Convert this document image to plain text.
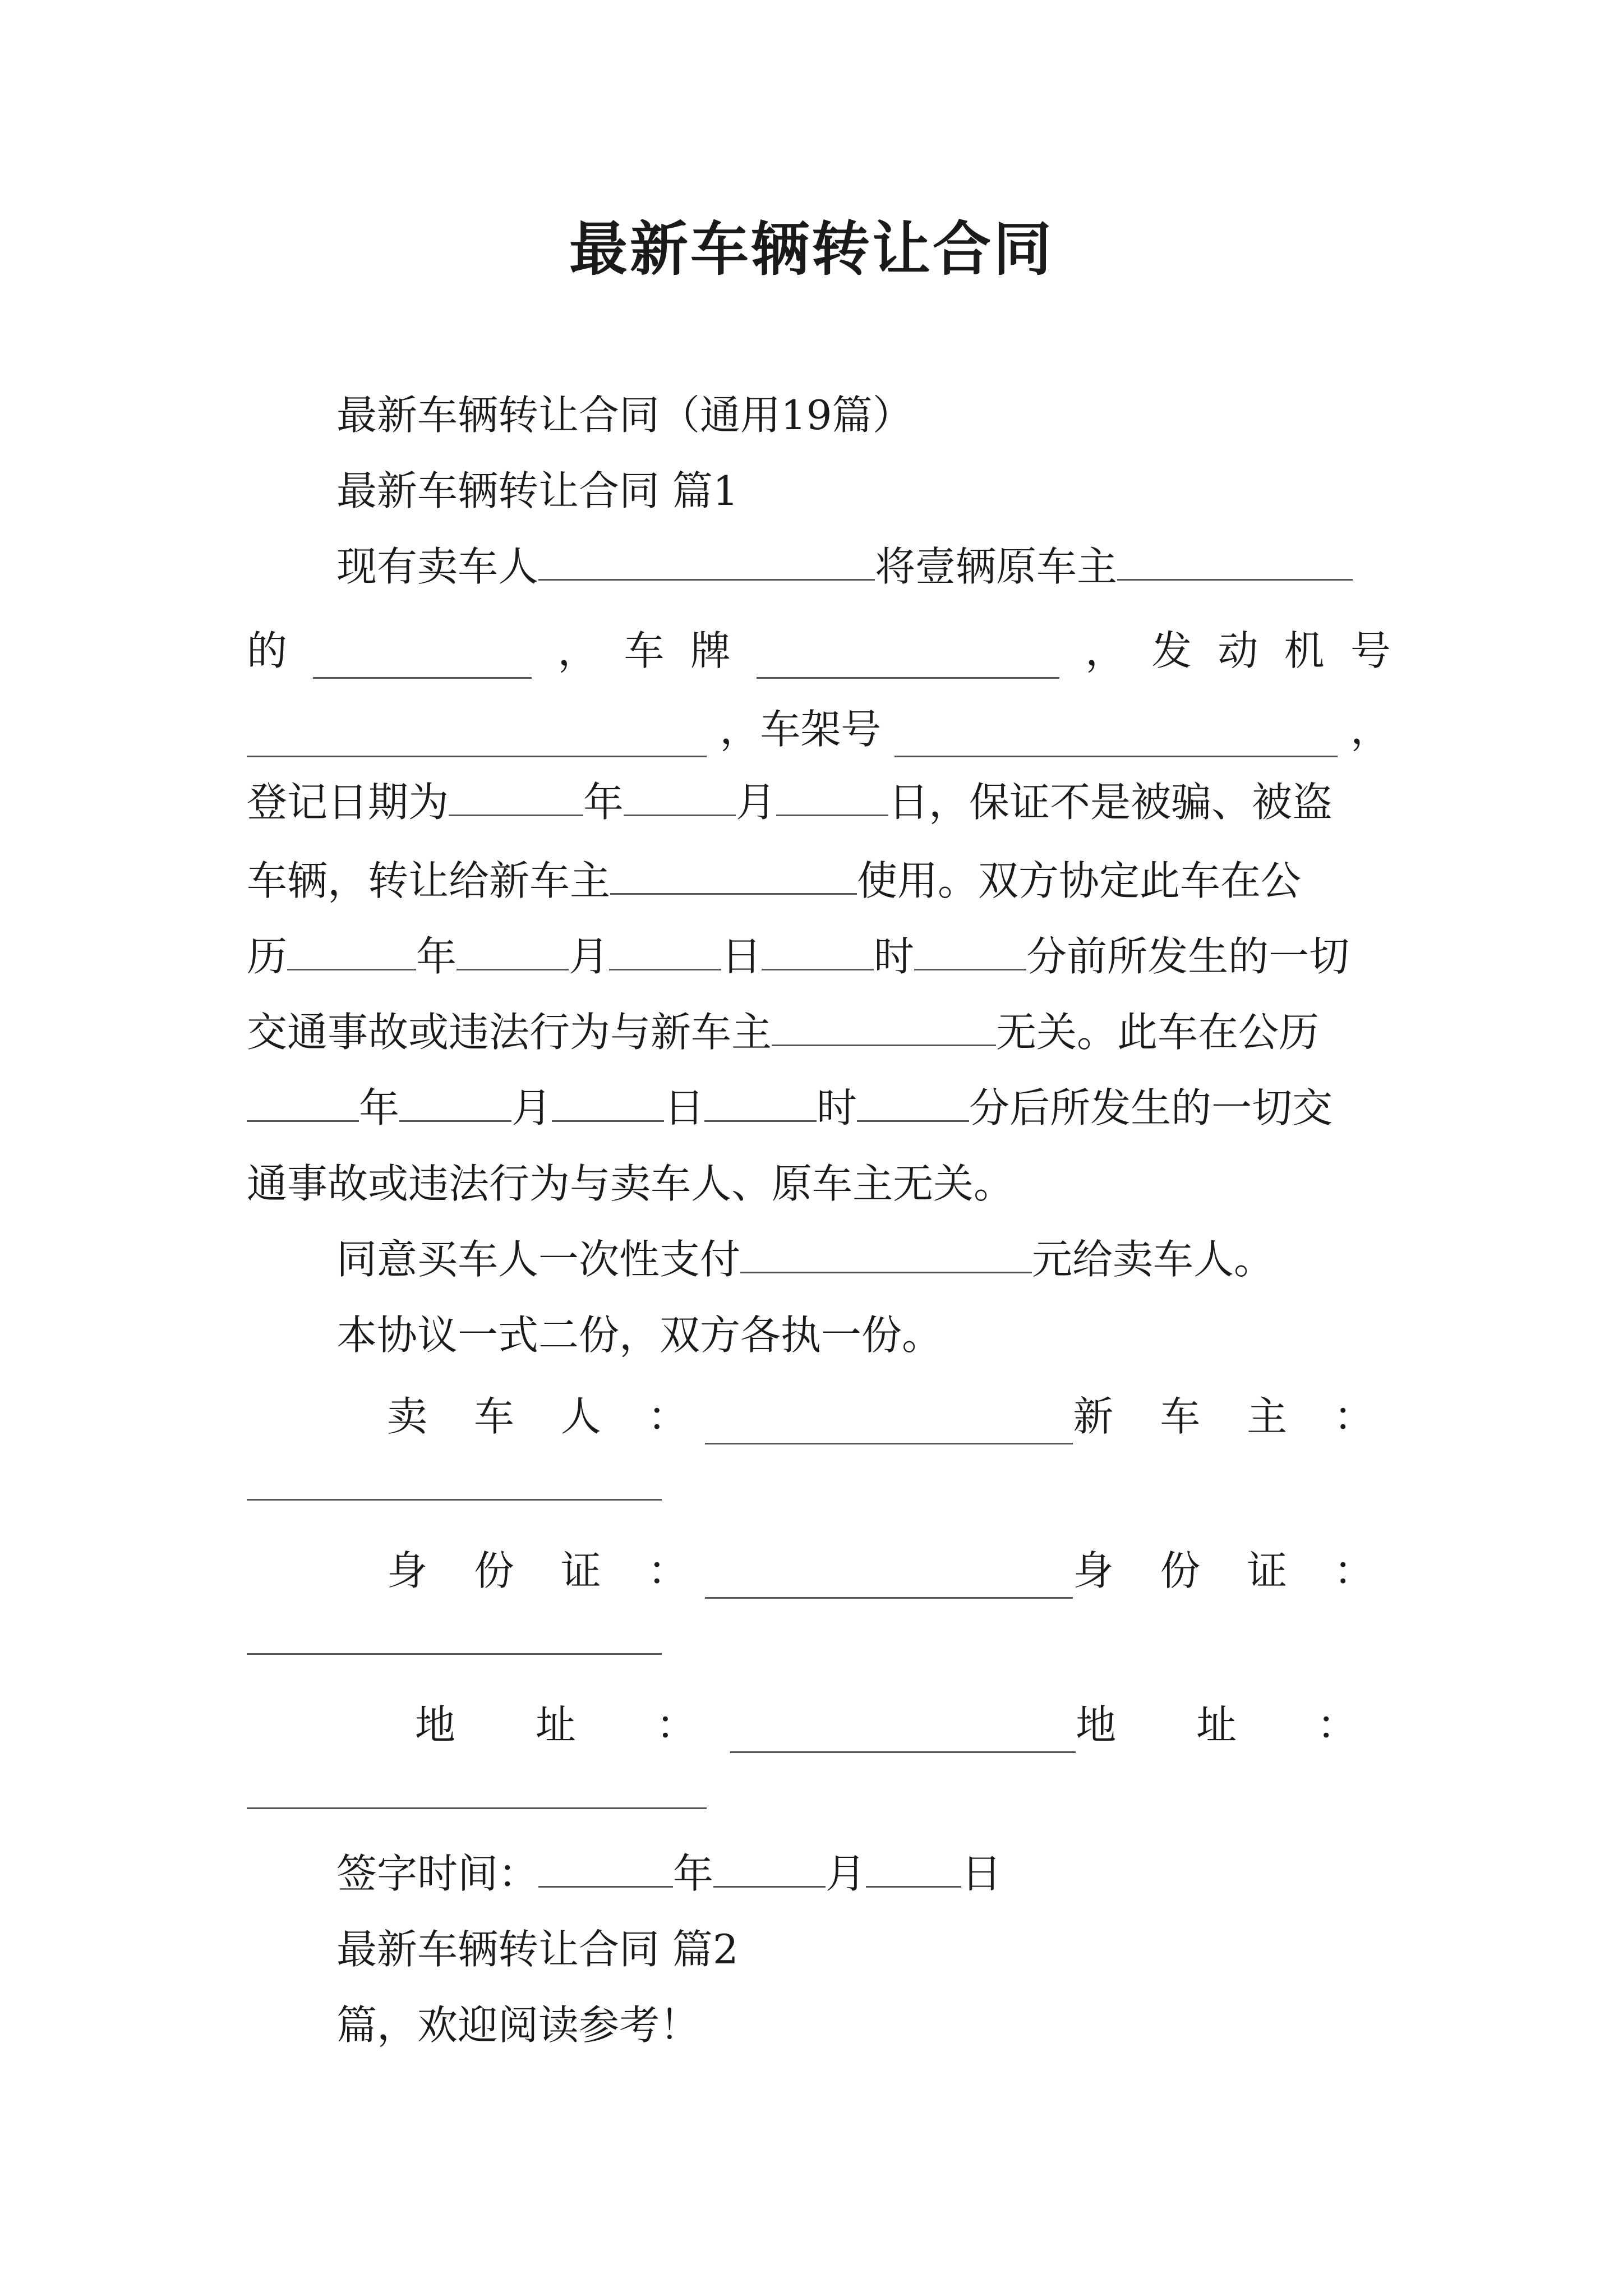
最新车辆转让合同
最新车辆转让合同（通用19篇）
最新车辆转让合同 篇1
现有卖车人	将壹辆原车主
的	， 车 牌	， 发 动 机 号
，车架号	，
登记日期为	年	月	日，保证不是被骗、被盗
车辆，转让给新车主	使用。双方协定此车在公
历	年	月	日	时	分前所发生的一切
交通事故或违法行为与新车主	无关。此车在公历
年	月	日	时	分后所发生的一切交
通事故或违法行为与卖车人、原车主无关。
同意买车人一次性支付	元给卖车人。
本协议一式二份，双方各执一份。
卖 车 人 ：	新 车 主 ：
身 份 证 ：	身 份 证 ：
地 址 ：	地 址 ：
签字时间：	年	月 日
最新车辆转让合同 篇2
篇，欢迎阅读参考！
